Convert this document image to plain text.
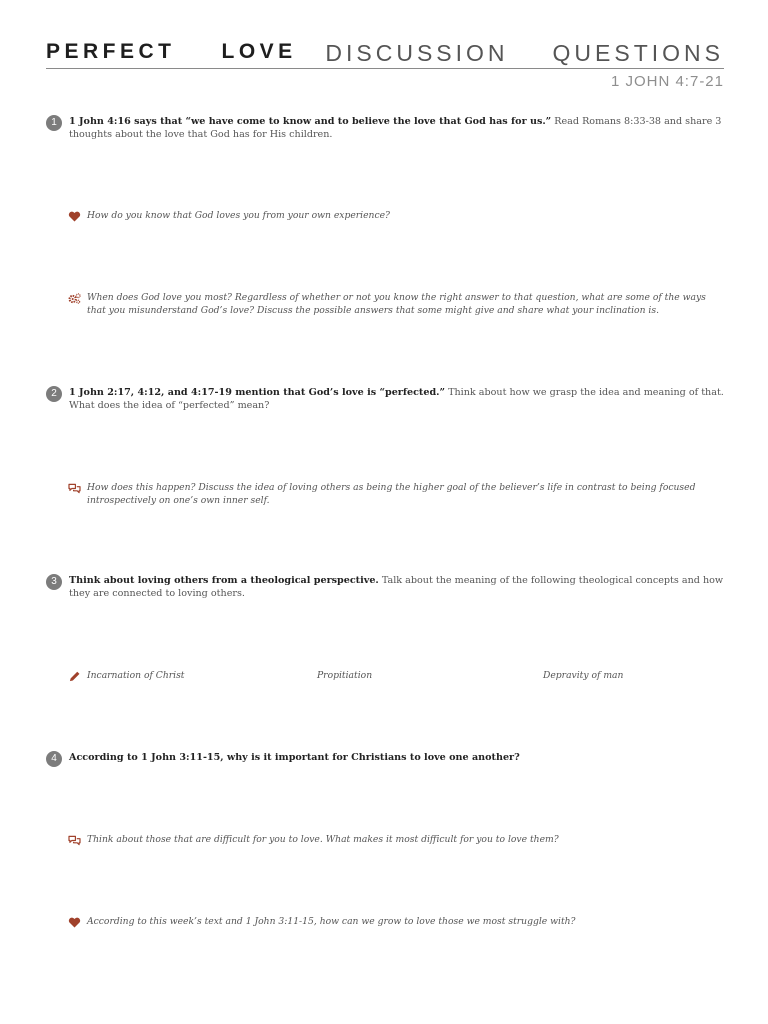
PERFECT LOVE DISCUSSION QUESTIONS
1 JOHN 4:7-21
1	1 John 4:16 says that “we have come to know and to believe the love that God has for us.” Read Romans 8:33-38 and share 3 thoughts about the love that God has for His children.
How do you know that God loves you from your own experience?
When does God love you most? Regardless of whether or not you know the right answer to that question, what are some of the ways that you misunderstand God’s love? Discuss the possible answers that some might give and share what your inclination is.
2	1 John 2:17, 4:12, and 4:17-19 mention that God’s love is “perfected.” Think about how we grasp the idea and meaning of that. What does the idea of “perfected” mean?
How does this happen? Discuss the idea of loving others as being the higher goal of the believer’s life in contrast to being focused introspectively on one’s own inner self.
3	Think about loving others from a theological perspective. Talk about the meaning of the following theological concepts and how they are connected to loving others.
Incarnation of Christ	Propitiation	Depravity of man
4	According to 1 John 3:11-15, why is it important for Christians to love one another?
Think about those that are difficult for you to love. What makes it most difficult for you to love them?
According to this week’s text and 1 John 3:11-15, how can we grow to love those we most struggle with?
